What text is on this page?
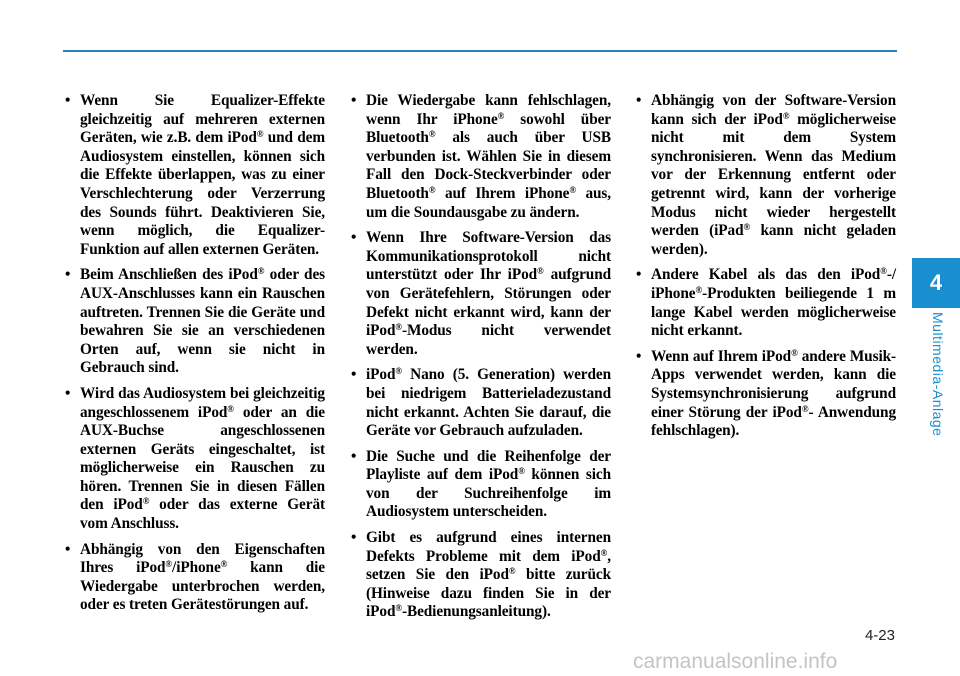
• Wenn Sie Equalizer-Effekte gleichzeitig auf mehreren externen Geräten, wie z.B. dem iPod® und dem Audiosystem einstellen, können sich die Effekte überlappen, was zu einer Verschlechterung oder Verzerrung des Sounds führt. Deaktivieren Sie, wenn möglich, die Equalizer-Funktion auf allen externen Geräten.
• Beim Anschließen des iPod® oder des AUX-Anschlusses kann ein Rauschen auftreten. Trennen Sie die Geräte und bewahren Sie sie an verschiedenen Orten auf, wenn sie nicht in Gebrauch sind.
• Wird das Audiosystem bei gleichzeitig angeschlossenem iPod® oder an die AUX-Buchse angeschlossenen externen Geräts eingeschaltet, ist möglicherweise ein Rauschen zu hören. Trennen Sie in diesen Fällen den iPod® oder das externe Gerät vom Anschluss.
• Abhängig von den Eigenschaften Ihres iPod®/iPhone® kann die Wiedergabe unterbrochen werden, oder es treten Gerätestörungen auf.
• Die Wiedergabe kann fehlschlagen, wenn Ihr iPhone® sowohl über Bluetooth® als auch über USB verbunden ist. Wählen Sie in diesem Fall den Dock-Steckverbinder oder Bluetooth® auf Ihrem iPhone® aus, um die Soundausgabe zu ändern.
• Wenn Ihre Software-Version das Kommunikationsprotokoll nicht unterstützt oder Ihr iPod® aufgrund von Gerätefehlern, Störungen oder Defekt nicht erkannt wird, kann der iPod®-Modus nicht verwendet werden.
• iPod® Nano (5. Generation) werden bei niedrigem Batterieladezustand nicht erkannt. Achten Sie darauf, die Geräte vor Gebrauch aufzuladen.
• Die Suche und die Reihenfolge der Playliste auf dem iPod® können sich von der Suchreihenfolge im Audiosystem unterscheiden.
• Gibt es aufgrund eines internen Defekts Probleme mit dem iPod®, setzen Sie den iPod® bitte zurück (Hinweise dazu finden Sie in der iPod®-Bedienungsanleitung).
• Abhängig von der Software-Version kann sich der iPod® möglicherweise nicht mit dem System synchronisieren. Wenn das Medium vor der Erkennung entfernt oder getrennt wird, kann der vorherige Modus nicht wieder hergestellt werden (iPad® kann nicht geladen werden).
• Andere Kabel als das den iPod®-/ iPhone®-Produkten beiliegende 1 m lange Kabel werden möglicherweise nicht erkannt.
• Wenn auf Ihrem iPod® andere Musik-Apps verwendet werden, kann die Systemsynchronisierung aufgrund einer Störung der iPod®- Anwendung fehlschlagen).
4
Multimedia-Anlage
4-23
carmanualsonline.info
